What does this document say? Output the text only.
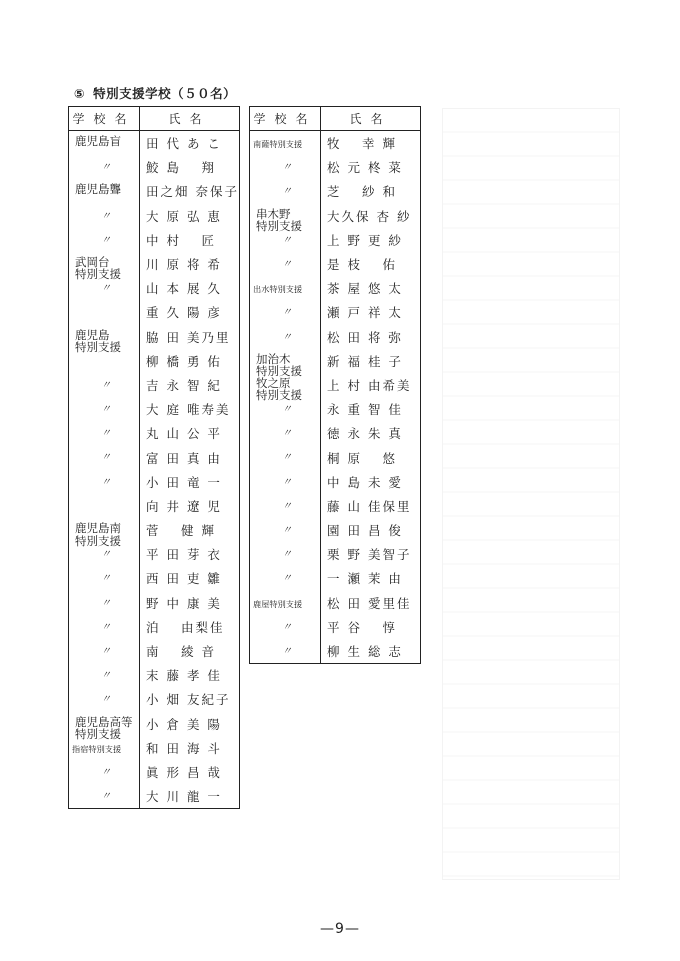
⑤ 特別支援学校（５０名）
学校名	氏名

鹿児島盲	田 代 あ こ

〃	鮫 島　 翔

鹿児島聾	田之畑 奈保子

〃	大 原 弘 恵

〃	中 村　 匠

武岡台
特別支援	川 原 将 希

〃	山 本 展 久

	重 久 陽 彦

鹿児島
特別支援	脇 田 美乃里

	柳 橋 勇 佑

〃	吉 永 智 紀

〃	大 庭 唯寿美

〃	丸 山 公 平

〃	富 田 真 由

〃	小 田 竜 一

	向 井 遼 児

鹿児島南
特別支援	菅　 健 輝

〃	平 田 芽 衣

〃	西 田 吏 雛

〃	野 中 康 美

〃	泊　 由梨佳

〃	南　 綾 音

〃	末 藤 孝 佳

〃	小 畑 友紀子

鹿児島高等
特別支援	小 倉 美 陽

指宿特別支援	和 田 海 斗

〃	眞 形 昌 哉

〃	大 川 龍 一
学校名	氏名

南薩特別支援	牧　 幸 輝

〃	松 元 柊 菜

〃	芝　 紗 和

串木野
特別支援	大久保 杏 紗

〃	上 野 更 紗

〃	是 枝　 佑

出水特別支援	茶 屋 悠 太

〃	瀬 戸 祥 太

〃	松 田 将 弥

加治木
特別支援	新 福 桂 子

牧之原
特別支援	上 村 由希美

〃	永 重 智 佳

〃	徳 永 朱 真

〃	桐 原　 悠

〃	中 島 未 愛

〃	藤 山 佳保里

〃	園 田 昌 俊

〃	栗 野 美智子

〃	一 瀬 茉 由

鹿屋特別支援	松 田 愛里佳

〃	平 谷　 惇

〃	柳 生 総 志
—9—
